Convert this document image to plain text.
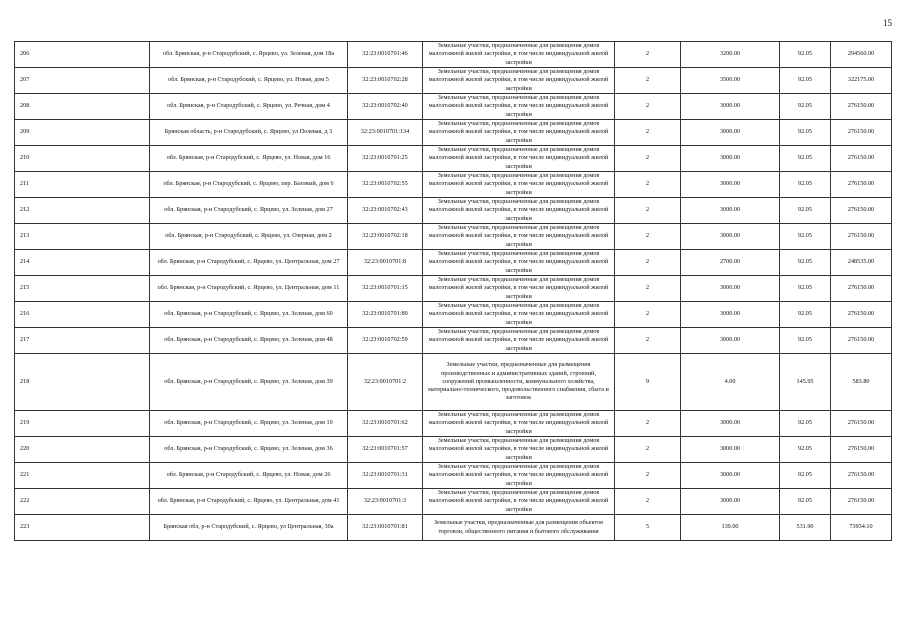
15
206	обл. Брянская, р-н Стародубский, с. Ярцево, ул. Зеленая, дом 18а	32:23:0010701:46	Земельные участки, предназначенные для размещения домов малоэтажной жилой застройки, в том числе индивидуальной жилой застройки	2	3200.00	92.05	294560.00
207	обл. Брянская, р-н Стародубский, с. Ярцево, ул. Новая, дом 5	32:23:0010702:28	Земельные участки, предназначенные для размещения домов малоэтажной жилой застройки, в том числе индивидуальной жилой застройки	2	3500.00	92.05	322175.00
208	обл. Брянская, р-н Стародубский, с. Ярцево, ул. Речная, дом 4	32:23:0010702:40	Земельные участки, предназначенные для размещения домов малоэтажной жилой застройки, в том числе индивидуальной жилой застройки	2	3000.00	92.05	276150.00
209	Брянская область, р-н Стародубский, с. Ярцево, ул Полевая, д 3	32:23:0010701:134	Земельные участки, предназначенные для размещения домов малоэтажной жилой застройки, в том числе индивидуальной жилой застройки	2	3000.00	92.05	276150.00
210	обл. Брянская, р-н Стародубский, с. Ярцево, ул. Новая, дом 16	32:23:0010701:25	Земельные участки, предназначенные для размещения домов малоэтажной жилой застройки, в том числе индивидуальной жилой застройки	2	3000.00	92.05	276150.00
211	обл. Брянская, р-н Стародубский, с. Ярцево, пер. Базовый, дом 6	32:23:0010702:55	Земельные участки, предназначенные для размещения домов малоэтажной жилой застройки, в том числе индивидуальной жилой застройки	2	3000.00	92.05	276150.00
212	обл. Брянская, р-н Стародубский, с. Ярцево, ул. Зеленая, дом 27	32:23:0010702:43	Земельные участки, предназначенные для размещения домов малоэтажной жилой застройки, в том числе индивидуальной жилой застройки	2	3000.00	92.05	276150.00
213	обл. Брянская, р-н Стародубский, с. Ярцево, ул. Озерная, дом 2	32:23:0010702:18	Земельные участки, предназначенные для размещения домов малоэтажной жилой застройки, в том числе индивидуальной жилой застройки	2	3000.00	92.05	276150.00
214	обл. Брянская, р-н Стародубский, с. Ярцево, ул. Центральная, дом 27	32:23:0010701:8	Земельные участки, предназначенные для размещения домов малоэтажной жилой застройки, в том числе индивидуальной жилой застройки	2	2700.00	92.05	248535.00
215	обл. Брянская, р-н Стародубский, с. Ярцево, ул. Центральная, дом 11	32:23:0010701:15	Земельные участки, предназначенные для размещения домов малоэтажной жилой застройки, в том числе индивидуальной жилой застройки	2	3000.00	92.05	276150.00
216	обл. Брянская, р-н Стародубский, с. Ярцево, ул. Зеленая, дом 60	32:23:0010701:80	Земельные участки, предназначенные для размещения домов малоэтажной жилой застройки, в том числе индивидуальной жилой застройки	2	3000.00	92.05	276150.00
217	обл. Брянская, р-н Стародубский, с. Ярцево, ул. Зеленая, дом 48	32:23:0010702:59	Земельные участки, предназначенные для размещения домов малоэтажной жилой застройки, в том числе индивидуальной жилой застройки	2	3000.00	92.05	276150.00
218	обл. Брянская, р-н Стародубский, с. Ярцево, ул. Зеленая, дом 39	32:23:0010701:2	Земельные участки, предназначенные для размещения производственных и административных зданий, строений, сооружений промышленности, коммунального хозяйства, материально-технического, продовольственного снабжения, сбыта и заготовок	9	4.00	145.95	583.80
219	обл. Брянская, р-н Стародубский, с. Ярцево, ул. Зеленая, дом 19	32:23:0010701:62	Земельные участки, предназначенные для размещения домов малоэтажной жилой застройки, в том числе индивидуальной жилой застройки	2	3000.00	92.05	276150.00
220	обл. Брянская, р-н Стародубский, с. Ярцево, ул. Зеленая, дом 36	32:23:0010701:57	Земельные участки, предназначенные для размещения домов малоэтажной жилой застройки, в том числе индивидуальной жилой застройки	2	3000.00	92.05	276150.00
221	обл. Брянская, р-н Стародубский, с. Ярцево, ул. Новая, дом 26	32:23:0010701:31	Земельные участки, предназначенные для размещения домов малоэтажной жилой застройки, в том числе индивидуальной жилой застройки	2	3000.00	92.05	276150.00
222	обл. Брянская, р-н Стародубский, с. Ярцево, ул. Центральная, дом 41	32:23:0010701:3	Земельные участки, предназначенные для размещения домов малоэтажной жилой застройки, в том числе индивидуальной жилой застройки	2	3000.00	92.05	276150.00
223	Брянская обл, р-н Стародубский, с. Ярцево, ул Центральная, 30а	32:23:0010701:81	Земельные участки, предназначенные для размещения объектов торговли, общественного питания и бытового обслуживания	5	139.00	531.90	73934.10
